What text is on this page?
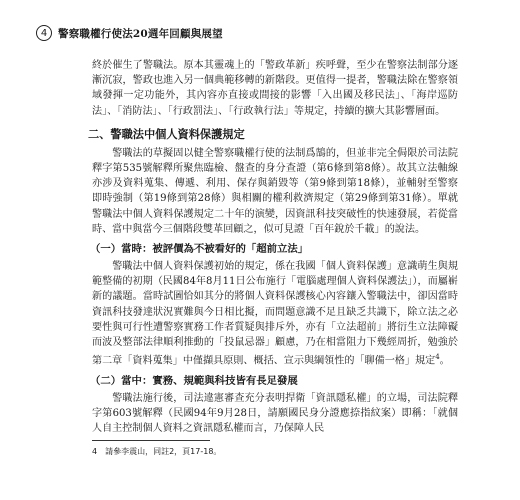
4	警察職權行使法20週年回顧與展望

終於催生了警職法。原本其靈魂上的「警政革新」疾呼聲，至少在警察法制部分逐漸沉寂，警政也進入另一個典範移轉的新階段。更值得一提者，警職法除在警察領域發揮一定功能外，其內容亦直接或間接的影響「入出國及移民法」、「海岸巡防法」、「消防法」、「行政罰法」、「行政執行法」等規定，持續的擴大其影響層面。

二、警職法中個人資料保護規定

警職法的草擬固以健全警察職權行使的法制爲鵠的，但並非完全侷限於司法院釋字第535號解釋所聚焦臨檢、盤查的身分查證（第6條到第8條）。故其立法軸線亦涉及資料蒐集、傳遞、利用、保存與銷毀等（第9條到第18條），並輔射至警察即時強制（第19條到第28條）與相關的權利救濟規定（第29條到第31條）。單就警職法中個人資料保護規定二十年的演變，因資訊科技突破性的快速發展，若從當時、當中與當今三個階段雙革回顧之，似可見證「百年銳於千載」的說法。

（一）當時：被評價為不被看好的「超前立法」

警職法中個人資料保護初始的規定，係在我國「個人資料保護」意識萌生與規範整備的初期（民國84年8月11日公布施行「電腦處理個人資料保護法」），而屬嶄新的議題。當時試圖恰如其分的將個人資料保護核心內容鑲入警職法中，卻因當時資訊科技發達狀況實難與今日相比擬，而問題意識不足且缺乏共識下，除立法之必要性與可行性遭警察實務工作者質疑與排斥外，亦有「立法超前」將衍生立法障礙而波及整部法律順利推動的「投鼠忌器」顧慮，乃在相當阻力下幾經周折，勉強於第二章「資料蒐集」中僅擷具原則、概括、宣示與綱領性的「聊備一格」規定$^4$。

（二）當中：實務、規範與科技皆有長足發展

警職法施行後，司法違憲審查充分表明捍衛「資訊隱私權」的立場，司法院釋字第603號解釋（民國94年9月28日，請願國民身分證應捺指紋案）即稱：「就個人自主控制個人資料之資訊隱私權而言，乃保障人民

4　請參李震山，同註2，頁17-18。
